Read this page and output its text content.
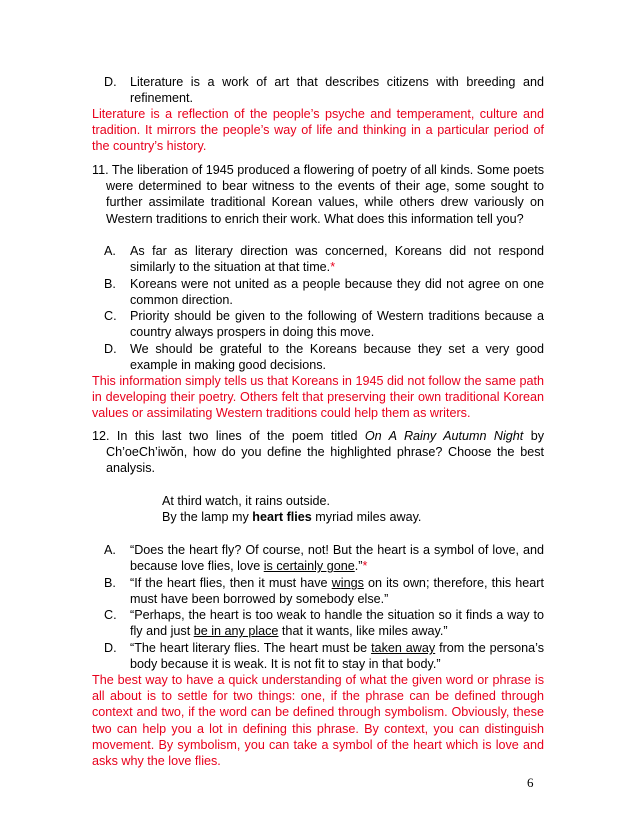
D. Literature is a work of art that describes citizens with breeding and refinement.
Literature is a reflection of the people’s psyche and temperament, culture and tradition. It mirrors the people’s way of life and thinking in a particular period of the country’s history.
11. The liberation of 1945 produced a flowering of poetry of all kinds. Some poets were determined to bear witness to the events of their age, some sought to further assimilate traditional Korean values, while others drew variously on Western traditions to enrich their work. What does this information tell you?
A. As far as literary direction was concerned, Koreans did not respond similarly to the situation at that time.*
B. Koreans were not united as a people because they did not agree on one common direction.
C. Priority should be given to the following of Western traditions because a country always prospers in doing this move.
D. We should be grateful to the Koreans because they set a very good example in making good decisions.
This information simply tells us that Koreans in 1945 did not follow the same path in developing their poetry. Others felt that preserving their own traditional Korean values or assimilating Western traditions could help them as writers.
12. In this last two lines of the poem titled On A Rainy Autumn Night by Ch’oeCh’iwŏn, how do you define the highlighted phrase? Choose the best analysis.
At third watch, it rains outside.
By the lamp my heart flies myriad miles away.
A. “Does the heart fly? Of course, not! But the heart is a symbol of love, and because love flies, love is certainly gone.”*
B. “If the heart flies, then it must have wings on its own; therefore, this heart must have been borrowed by somebody else.”
C. “Perhaps, the heart is too weak to handle the situation so it finds a way to fly and just be in any place that it wants, like miles away.”
D. “The heart literary flies. The heart must be taken away from the persona’s body because it is weak. It is not fit to stay in that body.”
The best way to have a quick understanding of what the given word or phrase is all about is to settle for two things: one, if the phrase can be defined through context and two, if the word can be defined through symbolism. Obviously, these two can help you a lot in defining this phrase. By context, you can distinguish movement. By symbolism, you can take a symbol of the heart which is love and asks why the love flies.
6
